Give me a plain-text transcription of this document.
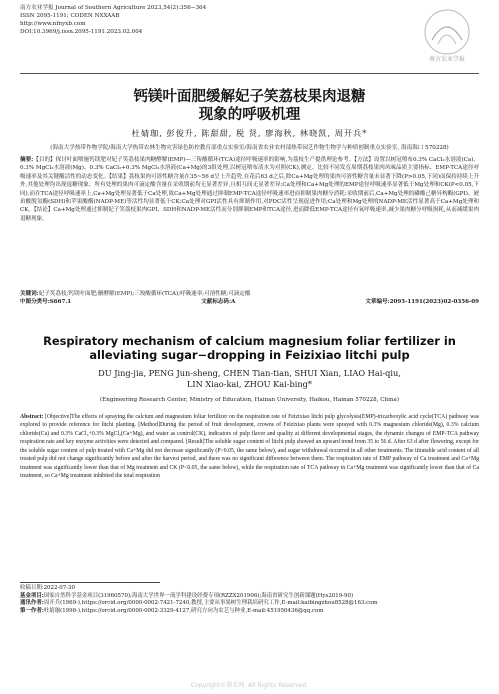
南方农业学报 Journal of Southern Agriculture 2023,54(2):356−364
ISSN 2095-1191; CODEN NXXAAB
http://www.nfnyxb.com
DOI:10.3969/j.issn.2095-1191.2023.02.004
南方农业学报
钙镁叶面肥缓解妃子笑荔枝果肉退糖
现象的呼吸机理
杜婧珈, 彭俊升, 陈甜甜, 税 贤, 廖海秋, 林晓凯, 周开兵*
(海南大学热带作物学院/海南大学热带农林生物灾害绿色防控教育部重点实验室/海南省农业农村部热带园艺作物生物学与种质创制重点实验室, 海南海口 570228)
摘要:【目的】探讨叶面喷施钙镁肥对妃子笑荔枝果肉糖酵解(EMP)—三羧酸循环(TCA)途径呼吸速率的影响,为荔枝生产提供理论参考。【方法】设置以树冠喷布0.3% CaCl₂水溶液(Ca)、0.3% MgCl₂水溶液(Mg)、0.3% CaCl₂+0.3% MgCl₂水溶液(Ca+Mg)的3组处理,以树冠喷布清水为对照(CK),测定、比较不同发育周期荔枝果肉风味品质主要指标、EMP-TCA途径呼吸速率及其关键酶活性的动态变化。【结果】荔枝果肉可溶性糖含量在35~56 d呈上升趋势,在花后63 d之后,除Ca+Mg处理的果肉可溶性糖含量未显著下降(P>0.05,下同)而保持持续上升外,其他处理均出现退糖现象。所有处理的果肉可滴定酸含量在采收期前均无显著差异,且相互间无显著差异;Ca处理和Ca+Mg处理的EMP途径呼吸速率显著低于Mg处理和CK(P<0.05,下同),而在TCA途径呼吸速率上,Ca+Mg处理显著低于Ca处理,故Ca+Mg处理通过抑制EMP-TCA途径呼吸速率进而抑制果肉糖分消耗;采收期前后,Ca+Mg处理的磷酸己糖异构酶(GPI)、琥珀酸脱氢酶(SDH)和苹果酸酶(NADP-ME)等活性均显著低于CK;Ca处理对GPI活性具有抑制作用,对PDC活性呈现促进作用;Ca处理和Mg处理的NADP-ME活性显著高于Ca+Mg处理和CK。【结论】Ca+Mg处理通过抑制妃子笑荔枝果肉GPI、SDH和NADP-ME活性而分别抑制EMP和TCA途径,进而降低EMP-TCA途径有氧呼吸速率,减少果肉糖分呼吸损耗,从而减缓果肉退糖现象。
关键词:妃子笑荔枝;钙镁叶面肥;糖酵解(EMP);三羧酸循环(TCA);呼吸速率;可溶性糖;可滴定酸
中图分类号:S667.1	文献标志码:A	文章编号:2095-1191(2023)02-0356-09
Respiratory mechanism of calcium magnesium foliar fertilizer in
alleviating sugar−dropping in Feizixiao litchi pulp
DU Jing-jia, PENG Jun-sheng, CHEN Tian-tian, SHUI Xian, LIAO Hai-qiu,
LIN Xiao-kai, ZHOU Kai-bing*
(Engineering Research Center, Ministry of Education, Hainan University, Haikou, Hainan 570228, China)
Abstract: [Objective]The effects of spraying the calcium and magnesium foliar fertilizer on the respiration rate of Feizixiao litchi pulp glycolysis(EMP)-tricarboxylic acid cycle(TCA) pathway was explored to provide reference for litchi planting. [Method]During the period of fruit development, crowns of Feizixiao plants were sprayed with 0.3% magnesium chloride(Mg), 0.3% calcium chloride(Ca) and 0.3% CaCl₂+0.3% MgCl₂(Ca+Mg), and water as control(CK), indicators of pulp flavor and quality at different developmental stages, the dynamic changes of EMP-TCA pathway respiration rate and key enzyme activities were detected and compared. [Result]The soluble sugar content of litchi pulp showed an upward trend from 35 to 56 d. After 63 d after flowering, except for the soluble sugar content of pulp treated with Ca+Mg did not decrease significantly (P>0.05, the same below), and sugar withdrawal occurred in all other treatments. The titratable acid content of all treated pulp did not change significantly before and after the harvest period, and there was no significant difference between them. The respiration rate of EMP pathway of Ca treatment and Ca+Mg treatment was significantly lower than that of Mg treatment and CK (P<0.05, the same below), while the respiration rate of TCA pathway in Ca+Mg treatment was significantly lower than that of Ca treatment, so Ca+Mg treatment inhibited the total respiration
收稿日期:2022-07-30
基金项目:国家自然科学基金项目(31960570);海南大学世界一流学科建设经费专项(RZZX201906);海南省研究生创新课题(Hys2019-90)
通讯作者:周开兵(1969-),https://orcid.org/0000-0002-7421-7240,教授,主要从事果树生理栽培研究工作,E-mail:kaibingzhou8528@163.com
第一作者:杜婧珈(1998-),https://orcid.org/0000-0002-3329-4127,研究方向为农艺与种业,E-mail:451950436@qq.com
Copyright©博看网. All Rights Reserved.
